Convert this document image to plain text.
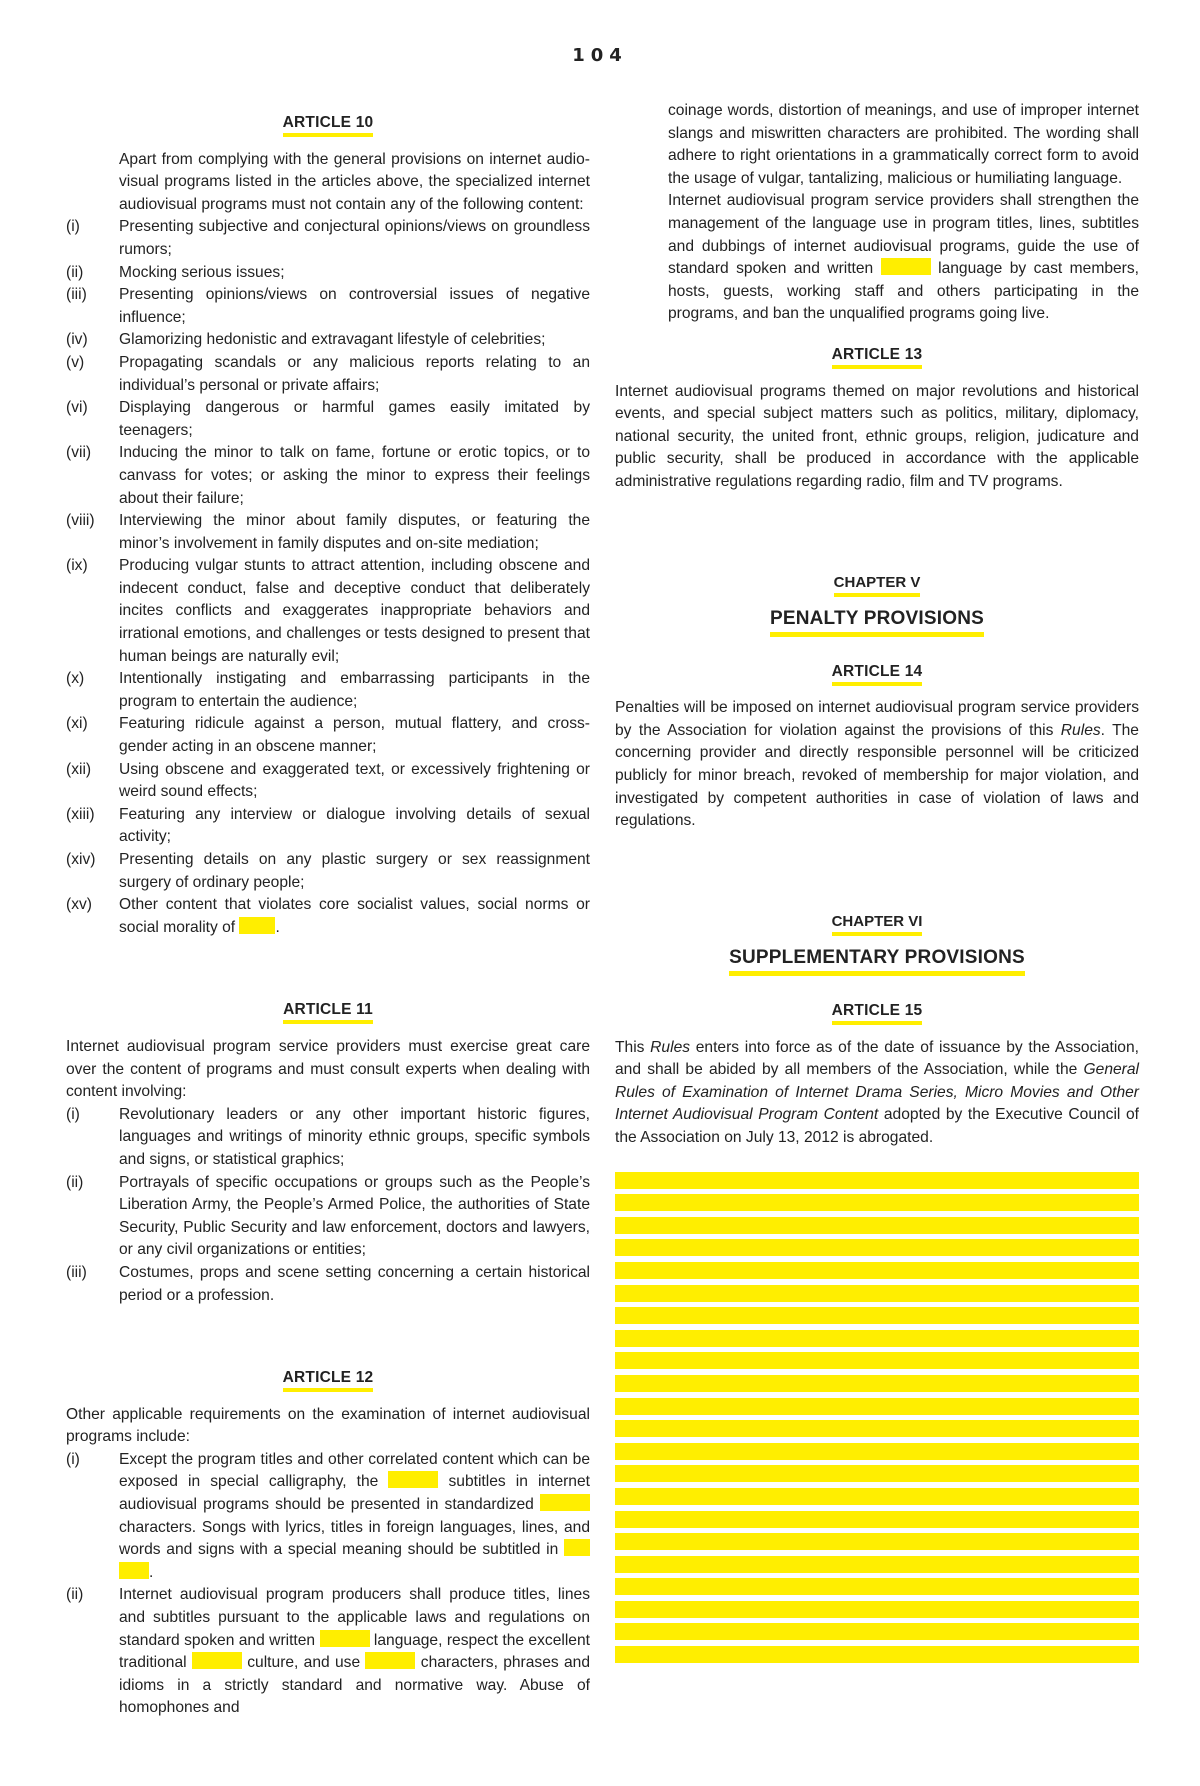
104
ARTICLE 10

Apart from complying with the general provisions on internet audio-visual programs listed in the articles above, the specialized internet audiovisual programs must not contain any of the following content:

(i)	Presenting subjective and conjectural opinions/views on groundless rumors;
(ii)	Mocking serious issues;
(iii)	Presenting opinions/views on controversial issues of negative influence;
(iv)	Glamorizing hedonistic and extravagant lifestyle of celebrities;
(v)	Propagating scandals or any malicious reports relating to an individual’s personal or private affairs;
(vi)	Displaying dangerous or harmful games easily imitated by teenagers;
(vii)	Inducing the minor to talk on fame, fortune or erotic topics, or to canvass for votes; or asking the minor to express their feelings about their failure;
(viii)	Interviewing the minor about family disputes, or featuring the minor’s involvement in family disputes and on-site mediation;
(ix)	Producing vulgar stunts to attract attention, including obscene and indecent conduct, false and deceptive conduct that deliberately incites conflicts and exaggerates inappropriate behaviors and irrational emotions, and challenges or tests designed to present that human beings are naturally evil;
(x)	Intentionally instigating and embarrassing participants in the program to entertain the audience;
(xi)	Featuring ridicule against a person, mutual flattery, and cross-gender acting in an obscene manner;
(xii)	Using obscene and exaggerated text, or excessively frightening or weird sound effects;
(xiii)	Featuring any interview or dialogue involving details of sexual activity;
(xiv)	Presenting details on any plastic surgery or sex reassignment surgery of ordinary people;
(xv)	Other content that violates core socialist values, social norms or social morality of	.
ARTICLE 11

Internet audiovisual program service providers must exercise great care over the content of programs and must consult experts when dealing with content involving:

(i)	Revolutionary leaders or any other important historic figures, languages and writings of minority ethnic groups, specific symbols and signs, or statistical graphics;
(ii)	Portrayals of specific occupations or groups such as the People’s Liberation Army, the People’s Armed Police, the authorities of State Security, Public Security and law enforcement, doctors and lawyers, or any civil organizations or entities;
(iii)	Costumes, props and scene setting concerning a certain historical period or a profession.
ARTICLE 12

Other applicable requirements on the examination of internet audiovisual programs include:

(i)	Except the program titles and other correlated content which can be exposed in special calligraphy, the	subtitles in internet audiovisual programs should be presented in standardized  characters. Songs with lyrics, titles in foreign languages, lines, and words and signs with a special meaning should be subtitled in  .
(ii)	Internet audiovisual program producers shall produce titles, lines and subtitles pursuant to the applicable laws and regulations on standard spoken and written	language, respect the excellent traditional	culture, and use	characters, phrases and idioms in a strictly standard and normative way. Abuse of homophones and

coinage words, distortion of meanings, and use of improper internet slangs and miswritten characters are prohibited. The wording shall adhere to right orientations in a grammatically correct form to avoid the usage of vulgar, tantalizing, malicious or humiliating language.

Internet audiovisual program service providers shall strengthen the management of the language use in program titles, lines, subtitles and dubbings of internet audiovisual programs, guide the use of standard spoken and written	language by cast members, hosts, guests, working staff and others participating in the programs, and ban the unqualified programs going live.

ARTICLE 13

Internet audiovisual programs themed on major revolutions and historical events, and special subject matters such as politics, military, diplomacy, national security, the united front, ethnic groups, religion, judicature and public security, shall be produced in accordance with the applicable administrative regulations regarding radio, film and TV programs.

CHAPTER V

PENALTY PROVISIONS

ARTICLE 14

Penalties will be imposed on internet audiovisual program service providers by the Association for violation against the provisions of this Rules. The concerning provider and directly responsible personnel will be criticized publicly for minor breach, revoked of membership for major violation, and investigated by competent authorities in case of violation of laws and regulations.

CHAPTER VI

SUPPLEMENTARY PROVISIONS

ARTICLE 15

This Rules enters into force as of the date of issuance by the Association, and shall be abided by all members of the Association, while the General Rules of Examination of Internet Drama Series, Micro Movies and Other Internet Audiovisual Program Content adopted by the Executive Council of the Association on July 13, 2012 is abrogated.
